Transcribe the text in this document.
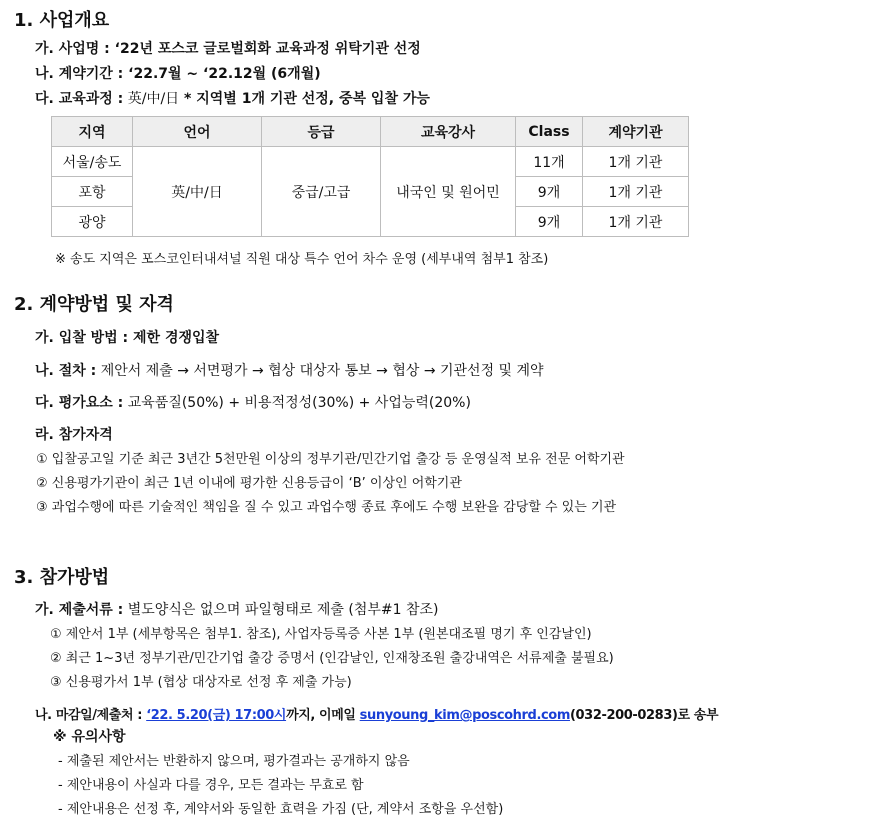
1. 사업개요
가. 사업명 : ‘22년 포스코 글로벌회화 교육과정 위탁기관 선정
나. 계약기간 : ‘22.7월 ~ ‘22.12월 (6개월)
다. 교육과정 : 英/中/日 * 지역별 1개 기관 선정, 중복 입찰 가능
지역	언어	등급	교육강사	Class	계약기관
서울/송도	英/中/日	중급/고급	내국인 및 원어민	11개	1개 기관
포항				9개	1개 기관
광양				9개	1개 기관
※ 송도 지역은 포스코인터내셔널 직원 대상 특수 언어 차수 운영 (세부내역 첨부1 참조)
2. 계약방법 및 자격
가. 입찰 방법 : 제한 경쟁입찰
나. 절차 : 제안서 제출 → 서면평가 → 협상 대상자 통보 → 협상 → 기관선정 및 계약
다. 평가요소 : 교육품질(50%) + 비용적정성(30%) + 사업능력(20%)
라. 참가자격
① 입찰공고일 기준 최근 3년간 5천만원 이상의 정부기관/민간기업 출강 등 운영실적 보유 전문 어학기관
② 신용평가기관이 최근 1년 이내에 평가한 신용등급이 ‘B’ 이상인 어학기관
③ 과업수행에 따른 기술적인 책임을 질 수 있고 과업수행 종료 후에도 수행 보완을 감당할 수 있는 기관
3. 참가방법
가. 제출서류 : 별도양식은 없으며 파일형태로 제출 (첨부#1 참조)
① 제안서 1부 (세부항목은 첨부1. 참조), 사업자등록증 사본 1부 (원본대조필 명기 후 인감날인)
② 최근 1~3년 정부기관/민간기업 출강 증명서 (인감날인, 인재창조원 출강내역은 서류제출 불필요)
③ 신용평가서 1부 (협상 대상자로 선정 후 제출 가능)
나. 마감일/제출처 : ‘22. 5.20(금) 17:00시까지, 이메일 sunyoung_kim@poscohrd.com(032-200-0283)로 송부
※ 유의사항
- 제출된 제안서는 반환하지 않으며, 평가결과는 공개하지 않음
- 제안내용이 사실과 다를 경우, 모든 결과는 무효로 함
- 제안내용은 선정 후, 계약서와 동일한 효력을 가짐 (단, 계약서 조항을 우선함)
